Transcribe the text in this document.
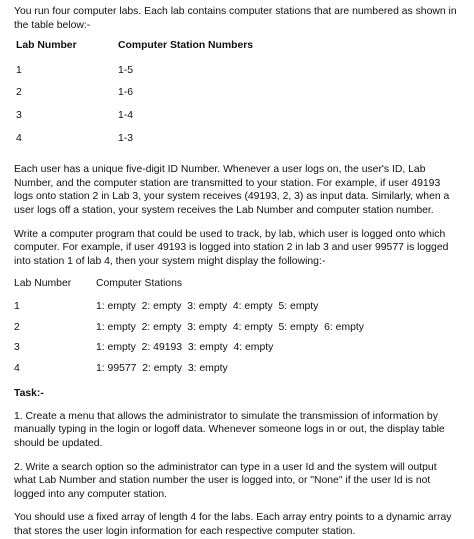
You run four computer labs. Each lab contains computer stations that are numbered as shown in the table below:-

Lab Number	Computer Station Numbers
1	1-5
2	1-6
3	1-4
4	1-3

Each user has a unique five-digit ID Number. Whenever a user logs on, the user's ID, Lab Number, and the computer station are transmitted to your station. For example, if user 49193 logs onto station 2 in Lab 3, your system receives (49193, 2, 3) as input data. Similarly, when a user logs off a station, your system receives the Lab Number and computer station number.

Write a computer program that could be used to track, by lab, which user is logged onto which computer. For example, if user 49193 is logged into station 2 in lab 3 and user 99577 is logged into station 1 of lab 4, then your system might display the following:-

Lab Number	Computer Stations
1	1: empty  2: empty  3: empty  4: empty  5: empty
2	1: empty  2: empty  3: empty  4: empty  5: empty  6: empty
3	1: empty  2: 49193  3: empty  4: empty
4	1: 99577  2: empty  3: empty

Task:-

1. Create a menu that allows the administrator to simulate the transmission of information by manually typing in the login or logoff data. Whenever someone logs in or out, the display table should be updated.

2. Write a search option so the administrator can type in a user Id and the system will output what Lab Number and station number the user is logged into, or "None" if the user Id is not logged into any computer station.

You should use a fixed array of length 4 for the labs. Each array entry points to a dynamic array that stores the user login information for each respective computer station.
